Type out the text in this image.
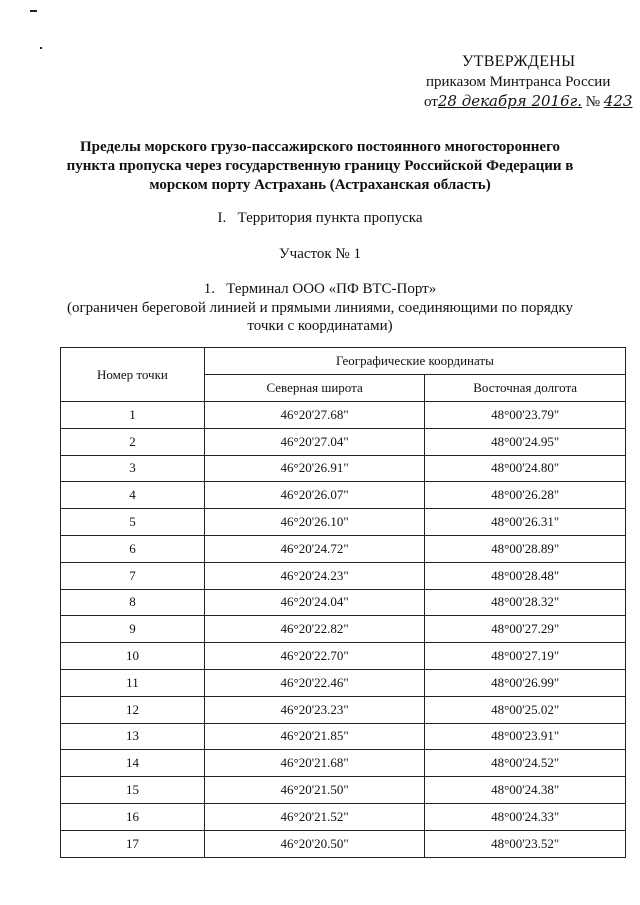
УТВЕРЖДЕНЫ
приказом Минтранса России
от28 декабря 2016г. № 423
Пределы морского грузо-пассажирского постоянного многостороннего пункта пропуска через государственную границу Российской Федерации в морском порту Астрахань (Астраханская область)
I.   Территория пункта пропуска
Участок № 1
1.   Терминал ООО «ПФ ВТС-Порт»
(ограничен береговой линией и прямыми линиями, соединяющими по порядку точки с координатами)
Номер точки	Географические координаты	
	Северная широта	Восточная долгота
1	46°20'27.68"	48°00'23.79"
2	46°20'27.04"	48°00'24.95"
3	46°20'26.91"	48°00'24.80"
4	46°20'26.07"	48°00'26.28"
5	46°20'26.10"	48°00'26.31"
6	46°20'24.72"	48°00'28.89"
7	46°20'24.23"	48°00'28.48"
8	46°20'24.04"	48°00'28.32"
9	46°20'22.82"	48°00'27.29"
10	46°20'22.70"	48°00'27.19"
11	46°20'22.46"	48°00'26.99"
12	46°20'23.23"	48°00'25.02"
13	46°20'21.85"	48°00'23.91"
14	46°20'21.68"	48°00'24.52"
15	46°20'21.50"	48°00'24.38"
16	46°20'21.52"	48°00'24.33"
17	46°20'20.50"	48°00'23.52"
